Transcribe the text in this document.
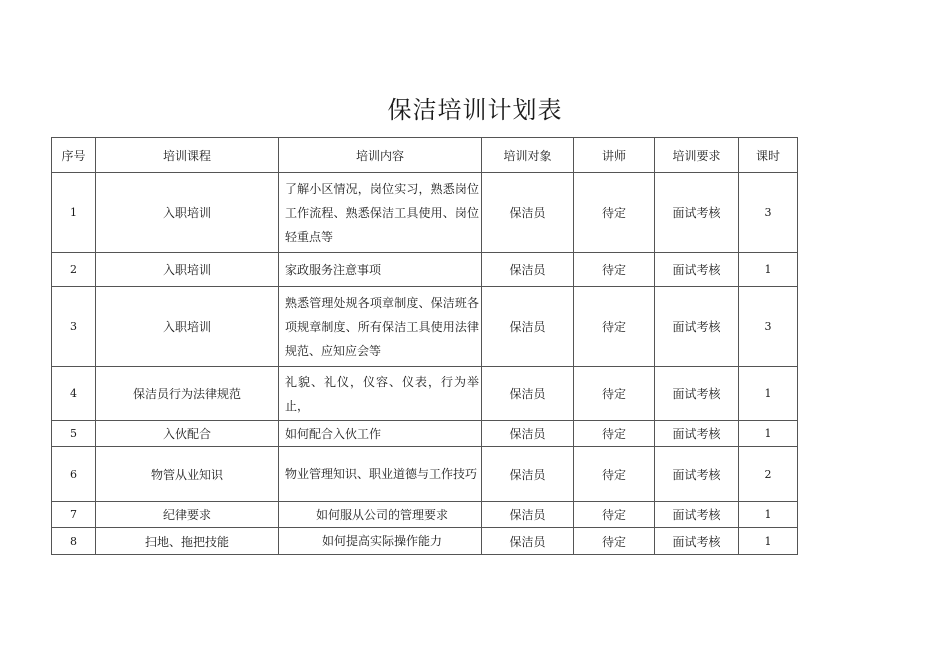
保洁培训计划表
序号	培训课程	培训内容	培训对象	讲师	培训要求	课时
1	入职培训	了解小区情况，岗位实习，熟悉岗位工作流程、熟悉保洁工具使用、岗位轻重点等	保洁员	待定	面试考核	3
2	入职培训	家政服务注意事项	保洁员	待定	面试考核	1
3	入职培训	熟悉管理处规各项章制度、保洁班各项规章制度、所有保洁工具使用法律规范、应知应会等	保洁员	待定	面试考核	3
4	保洁员行为法律规范	礼貌、礼仪，仪容、仪表，行为举止，	保洁员	待定	面试考核	1
5	入伙配合	如何配合入伙工作	保洁员	待定	面试考核	1
6	物管从业知识	物业管理知识、职业道德与工作技巧	保洁员	待定	面试考核	2
7	纪律要求	如何服从公司的管理要求	保洁员	待定	面试考核	1
8	扫地、拖把技能	如何提高实际操作能力	保洁员	待定	面试考核	1
